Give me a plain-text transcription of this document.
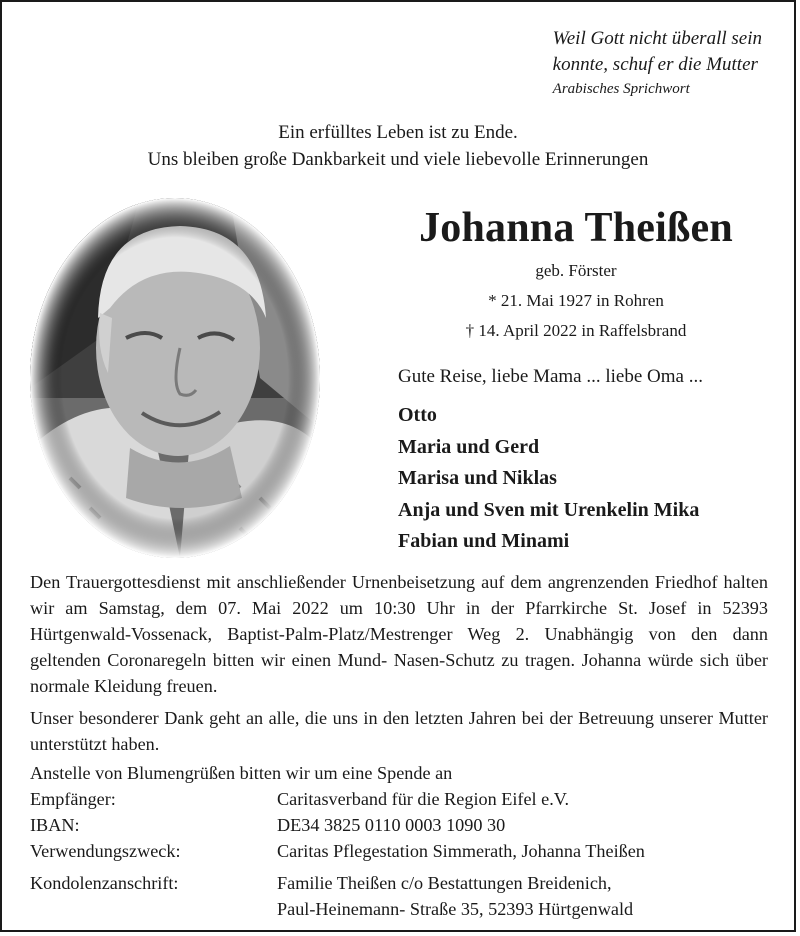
Weil Gott nicht überall sein
konnte, schuf er die Mutter
Arabisches Sprichwort
Ein erfülltes Leben ist zu Ende.
Uns bleiben große Dankbarkeit und viele liebevolle Erinnerungen
Johanna Theißen
geb. Förster
* 21. Mai 1927 in Rohren
† 14. April 2022 in Raffelsbrand
Gute Reise, liebe Mama ... liebe Oma ...
Otto
Maria und Gerd
Marisa und Niklas
Anja und Sven mit Urenkelin Mika
Fabian und Minami

Den Trauergottesdienst mit anschließender Urnenbeisetzung auf dem angrenzenden Friedhof halten wir am Samstag, dem 07. Mai 2022 um 10:30 Uhr in der Pfarrkirche St. Josef in 52393 Hürtgenwald-Vossenack, Baptist-Palm-Platz/Mestrenger Weg 2. Unabhängig von den dann geltenden Coronaregeln bitten wir einen Mund- Nasen-Schutz zu tragen. Johanna würde sich über normale Kleidung freuen.

Unser besonderer Dank geht an alle, die uns in den letzten Jahren bei der Betreuung unserer Mutter unterstützt haben.

Anstelle von Blumengrüßen bitten wir um eine Spende an
Empfänger:	Caritasverband für die Region Eifel e.V.
IBAN:	DE34 3825 0110 0003 1090 30
Verwendungszweck:	Caritas Pflegestation Simmerath, Johanna Theißen
Kondolenzanschrift:	Familie Theißen c/o Bestattungen Breidenich,
Paul-Heinemann- Straße 35, 52393 Hürtgenwald
